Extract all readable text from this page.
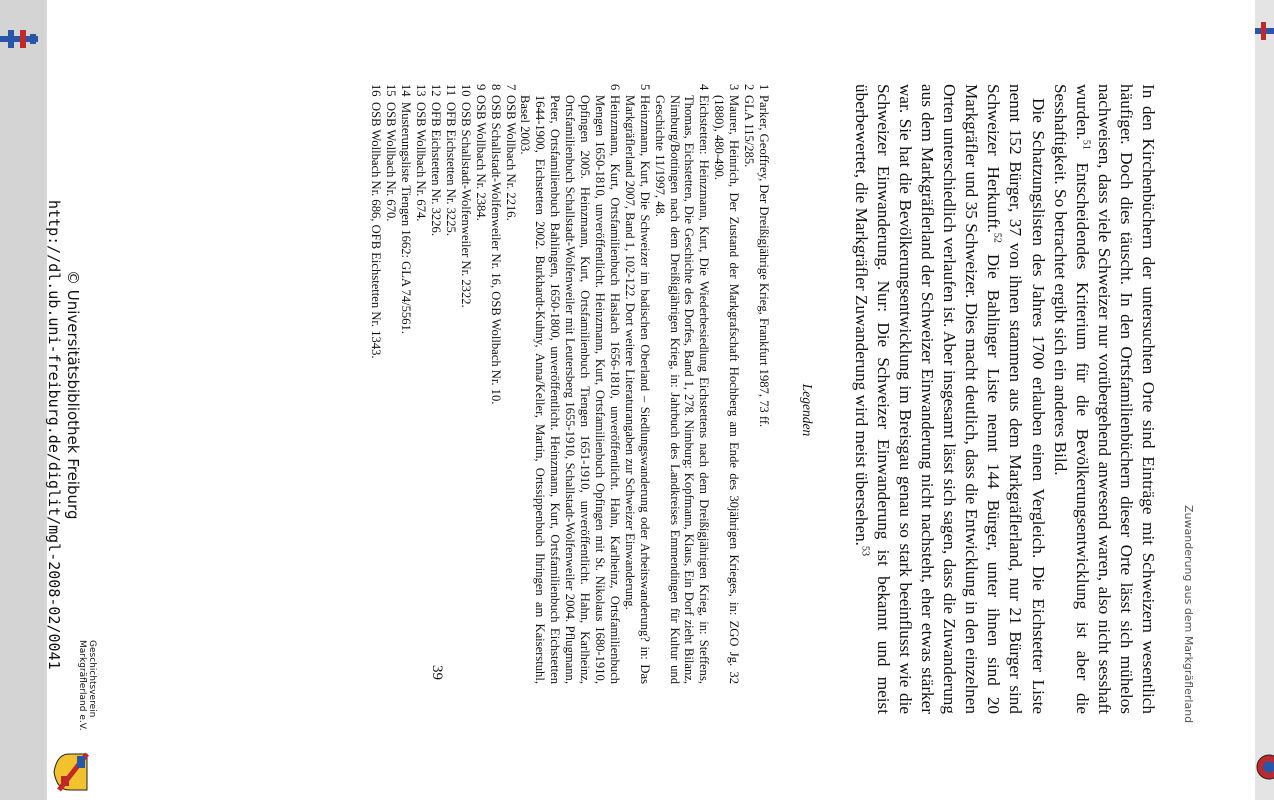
Zuwanderung aus dem Markgräflerland

In den Kirchenbüchern der untersuchten Orte sind Einträge mit Schweizern wesentlich häufiger. Doch dies täuscht. In den Ortsfamilienbüchern dieser Orte lässt sich mühelos nachweisen, dass viele Schweizer nur vorübergehend anwesend waren, also nicht sesshaft wurden.$^{51}$ Entscheidendes Kriterium für die Bevölkerungsentwicklung ist aber die Sesshaftigkeit. So betrachtet ergibt sich ein anderes Bild.

Die Schatzungslisten des Jahres 1700 erlauben einen Vergleich. Die Eichstetter Liste nennt 152 Bürger, 37 von ihnen stammen aus dem Markgräflerland, nur 21 Bürger sind Schweizer Herkunft.$^{52}$ Die Bahlinger Liste nennt 144 Bürger, unter ihnen sind 20 Markgräfler und 35 Schweizer. Dies macht deutlich, dass die Entwicklung in den einzelnen Orten unterschiedlich verlaufen ist. Aber insgesamt lässt sich sagen, dass die Zuwanderung aus dem Markgräflerland der Schweizer Einwanderung nicht nachsteht, eher etwas stärker war. Sie hat die Bevölkerungsentwicklung im Breisgau genau so stark beeinflusst wie die Schweizer Einwanderung. Nur: Die Schweizer Einwanderung ist bekannt und meist überbewertet, die Markgräfler Zuwanderung wird meist übersehen.$^{53}$

Legenden
1
Parker, Geoffrey, Der Dreißigjährige Krieg, Frankfurt 1987, 73 ff.
2
GLA 115/285.
3
Maurer, Heinrich, Der Zustand der Markgrafschaft Hochberg am Ende des 30jährigen Krieges, in: ZGO Jg. 32 (1880), 480-490.
4
Eichstetten: Heinzmann, Kurt, Die Wiederbesiedlung Eichstettens nach dem Dreißigjährigen Krieg, in: Steffens, Thomas, Eichstetten, Die Geschichte des Dorfes, Band 1, 278. Nimburg: Kopfmann, Klaus, Ein Dorf zieht Bilanz, Nimburg/Bottingen nach dem Dreißigjährigen Krieg, in: Jahrbuch des Landkreises Emmendingen für Kultur und Geschichte 11/1997, 48.
5
Heinzmann, Kurt, Die Schweizer im badischen Oberland – Siedlungswanderung oder Arbeitswanderung? in: Das Markgräflerland 2007, Band 1, 102-122. Dort weitere Literaturangaben zur Schweizer Einwanderung.
6
Heinzmann, Kurt, Ortsfamilienbuch Haslach 1656-1810, unveröffentlicht. Hahn, Karlheinz, Ortsfamilienbuch Mengen 1650-1810, unveröffentlicht. Heinzmann, Kurt, Ortsfamilienbuch Opfingen mit St. Nikolaus 1680-1910, Opfingen 2005. Heinzmann, Kurt, Ortsfamilienbuch Tiengen 1651-1910, unveröffentlicht. Hahn, Karlheinz, Ortsfamilienbuch Schallstadt-Wolfenweiler mit Leutersberg 1655-1910, Schallstadt-Wolfenweiler 2004. Pflugmann, Peter, Ortsfamilienbuch Bahlingen, 1650-1800, unveröffentlicht. Heinzmann, Kurt, Ortsfamilienbuch Eichstetten 1644-1900, Eichstetten 2002. Burkhardt-Kuhny, Anna/Keller, Martin, Ortssippenbuch Ihringen am Kaiserstuhl, Basel 2003.
7
OSB Wollbach Nr. 2216.
8
OSB Schallstadt-Wolfenweiler Nr. 16, OSB Wollbach Nr. 10.
9
OSB Wollbach Nr. 2384.
10
OSB Schallstadt-Wolfenweiler Nr. 2322.
11
OFB Eichstetten Nr. 3225.
12
OFB Eichstetten Nr. 3226.
13
OSB Wollbach Nr. 674.
14
Musterungsliste Tiengen 1662: GLA 74/5561.
15
OSB Wollbach Nr. 670.
16
OSB Wollbach Nr. 686, OFB Eichstetten Nr. 1343.
39
© Universitätsbibliothek Freiburg
http://dl.ub.uni-freiburg.de/diglit/mgl-2008-02/0041
Geschichtsverein Markgräflerland e.V.
